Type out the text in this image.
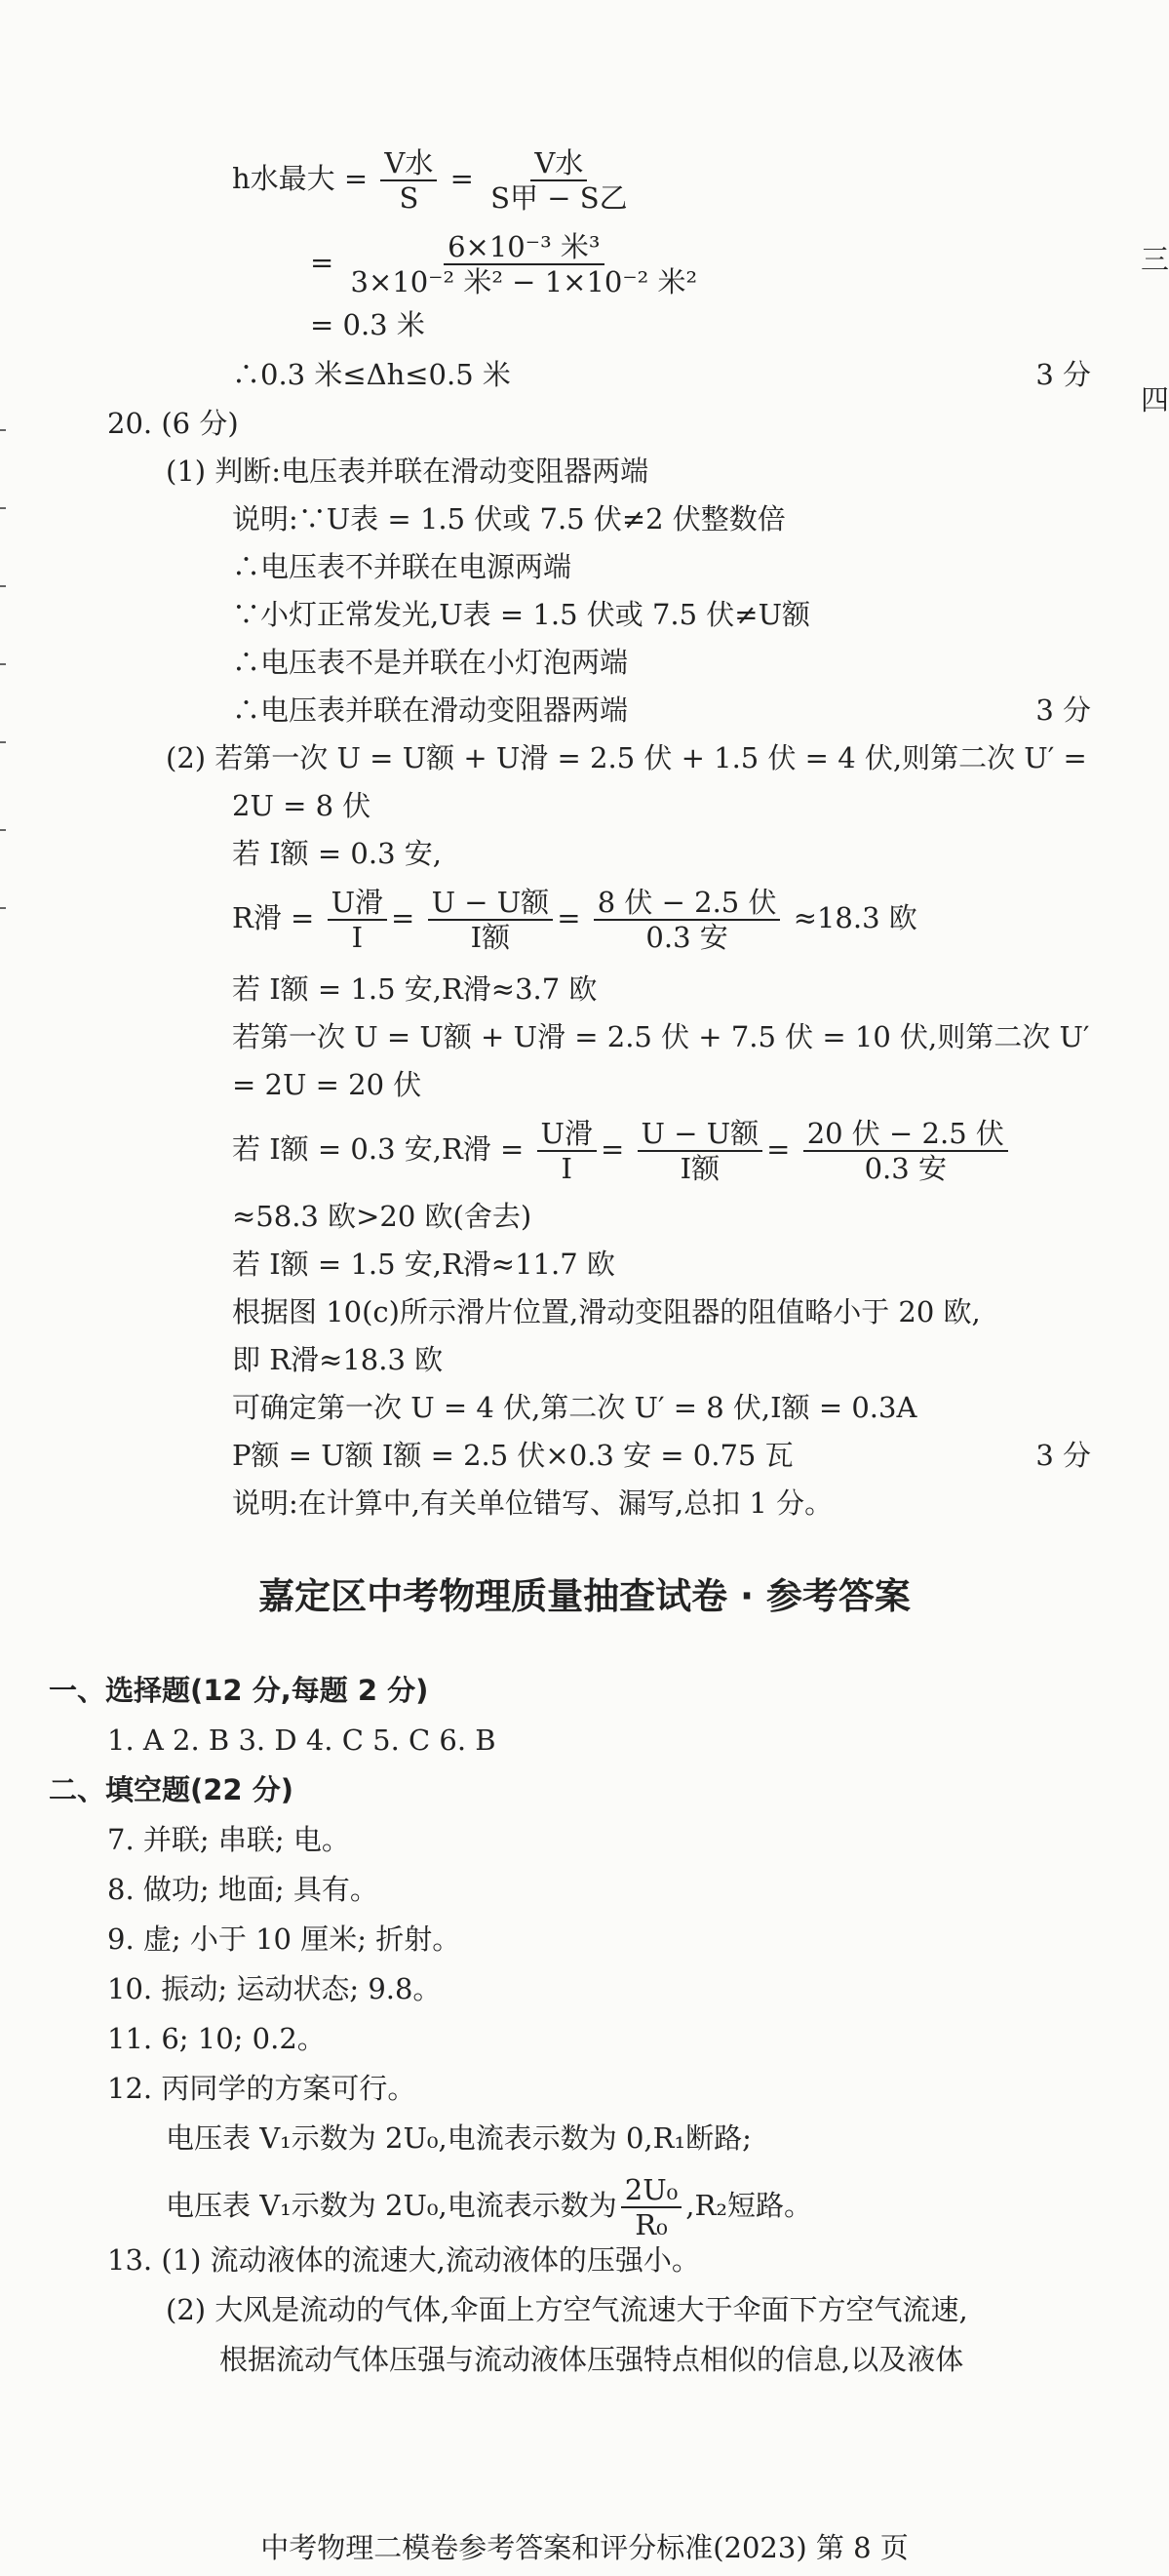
三
四
h水最大 = $\frac{\text{V水}}{S} = \frac{\text{V水}}{\text{S甲 − S乙}}$
= $\frac{\text{6×10⁻³ 米³}}{\text{3×10⁻² 米² − 1×10⁻² 米²}}$
= 0.3 米
∴0.3 米≤Δh≤0.5 米	3 分
20. (6 分)
(1) 判断:电压表并联在滑动变阻器两端
说明:∵U表 = 1.5 伏或 7.5 伏≠2 伏整数倍
∴电压表不并联在电源两端
∵小灯正常发光,U表 = 1.5 伏或 7.5 伏≠U额
∴电压表不是并联在小灯泡两端
∴电压表并联在滑动变阻器两端	3 分
(2) 若第一次 U = U额 + U滑 = 2.5 伏 + 1.5 伏 = 4 伏,则第二次 U′ =
2U = 8 伏
若 I额 = 0.3 安,
R滑 = $\frac{\text{U滑}}{I} = \frac{\text{U − U额}}{\text{I额}} = \frac{\text{8 伏 − 2.5 伏}}{\text{0.3 安}} \approx 18.3$ 欧
若 I额 = 1.5 安,R滑≈3.7 欧
若第一次 U = U额 + U滑 = 2.5 伏 + 7.5 伏 = 10 伏,则第二次 U′
= 2U = 20 伏
若 I额 = 0.3 安,R滑 = $\frac{\text{U滑}}{I} = \frac{\text{U − U额}}{\text{I额}} = \frac{\text{20 伏 − 2.5 伏}}{\text{0.3 安}}$
≈58.3 欧>20 欧(舍去)
若 I额 = 1.5 安,R滑≈11.7 欧
根据图 10(c)所示滑片位置,滑动变阻器的阻值略小于 20 欧,
即 R滑≈18.3 欧
可确定第一次 U = 4 伏,第二次 U′ = 8 伏,I额 = 0.3A
P额 = U额 I额 = 2.5 伏×0.3 安 = 0.75 瓦	3 分
说明:在计算中,有关单位错写、漏写,总扣 1 分。
嘉定区中考物理质量抽查试卷 · 参考答案
一、选择题(12 分,每题 2 分)
1. A 2. B 3. D 4. C 5. C 6. B
二、填空题(22 分)
7. 并联; 串联; 电。
8. 做功; 地面; 具有。
9. 虚; 小于 10 厘米; 折射。
10. 振动; 运动状态; 9.8。
11. 6; 10; 0.2。
12. 丙同学的方案可行。
电压表 V₁示数为 2U₀,电流表示数为 0,R₁断路;
电压表 V₁示数为 2U₀,电流表示数为 $\frac{\text{2U₀}}{\text{R₀}} ,R_2$短路。
13. (1) 流动液体的流速大,流动液体的压强小。
(2) 大风是流动的气体,伞面上方空气流速大于伞面下方空气流速,
根据流动气体压强与流动液体压强特点相似的信息,以及液体
中考物理二模卷参考答案和评分标准(2023) 第 8 页
